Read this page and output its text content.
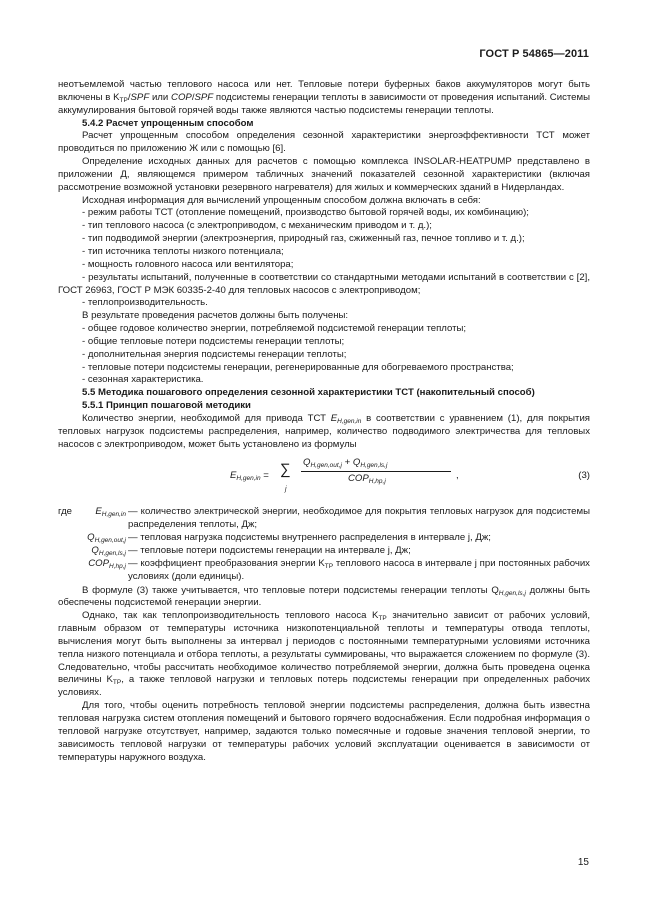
ГОСТ Р 54865—2011

неотъемлемой частью теплового насоса или нет. Тепловые потери буферных баков аккумуляторов могут быть включены в $K_{ТР}$/SPF или COP/SPF подсистемы генерации теплоты в зависимости от проведения испытаний. Системы аккумулирования бытовой горячей воды также являются частью подсистемы генерации теплоты.

5.4.2 Расчет упрощенным способом

Расчет упрощенным способом определения сезонной характеристики энергоэффективности ТСТ может проводиться по приложению Ж или с помощью [6].

Определение исходных данных для расчетов с помощью комплекса INSOLAR-HEATPUMP представлено в приложении Д, являющемся примером табличных значений показателей сезонной характеристики (включая рассмотрение возможной установки резервного нагревателя) для жилых и коммерческих зданий в Нидерландах.

Исходная информация для вычислений упрощенным способом должна включать в себя:

- режим работы ТСТ (отопление помещений, производство бытовой горячей воды, их комбинацию);

- тип теплового насоса (с электроприводом, с механическим приводом и т. д.);

- тип подводимой энергии (электроэнергия, природный газ, сжиженный газ, печное топливо и т. д.);

- тип источника теплоты низкого потенциала;

- мощность головного насоса или вентилятора;

- результаты испытаний, полученные в соответствии со стандартными методами испытаний в соответствии с [2], ГОСТ 26963, ГОСТ Р МЭК 60335-2-40 для тепловых насосов с электроприводом;

- теплопроизводительность.

В результате проведения расчетов должны быть получены:

- общее годовое количество энергии, потребляемой подсистемой генерации теплоты;

- общие тепловые потери подсистемы генерации теплоты;

- дополнительная энергия подсистемы генерации теплоты;

- тепловые потери подсистемы генерации, регенерированные для обогреваемого пространства;

- сезонная характеристика.

5.5 Методика пошагового определения сезонной характеристики ТСТ (накопительный способ)

5.5.1 Принцип пошаговой методики

Количество энергии, необходимой для привода ТСТ $E_{H,gen,in}$ в соответствии с уравнением (1), для покрытия тепловых нагрузок подсистемы распределения, например, количество подводимого электричества для тепловых насосов с электроприводом, может быть установлено из формулы

$E_{H,gen,in}$ = ∑
j
$Q_{H,gen,out,j} + Q_{H,gen,ls,j}$
$COP_{H,hp,j}$
,	(3)
где $E_{H,gen,in}$ — количество электрической энергии, необходимое для покрытия тепловых нагрузок для подсистемы распределения теплоты, Дж;
$Q_{H,gen,out,j}$ — тепловая нагрузка подсистемы внутреннего распределения в интервале j, Дж;
$Q_{H,gen,ls,j}$ — тепловые потери подсистемы генерации на интервале j, Дж;
$COP_{H,hp,j}$ — коэффициент преобразования энергии $K_{ТР}$ теплового насоса в интервале j при постоянных рабочих условиях (доли единицы).

В формуле (3) также учитывается, что тепловые потери подсистемы генерации теплоты $Q_{H,gen,ls,j}$ должны быть обеспечены подсистемой генерации энергии.

Однако, так как теплопроизводительность теплового насоса $K_{ТР}$ значительно зависит от рабочих условий, главным образом от температуры источника низкопотенциальной теплоты и температуры отвода теплоты, вычисления могут быть выполнены за интервал j периодов с постоянными температурными условиями источника тепла низкого потенциала и отбора теплоты, а результаты суммированы, что выражается сложением по формуле (3). Следовательно, чтобы рассчитать необходимое количество потребляемой энергии, должна быть проведена оценка величины $K_{ТР}$, а также тепловой нагрузки и тепловых потерь подсистемы генерации при определенных рабочих условиях.

Для того, чтобы оценить потребность тепловой энергии подсистемы распределения, должна быть известна тепловая нагрузка систем отопления помещений и бытового горячего водоснабжения. Если подробная информация о тепловой нагрузке отсутствует, например, задаются только помесячные и годовые значения тепловой энергии, то зависимость тепловой нагрузки от температуры рабочих условий эксплуатации оценивается в зависимости от температуры наружного воздуха.

15
